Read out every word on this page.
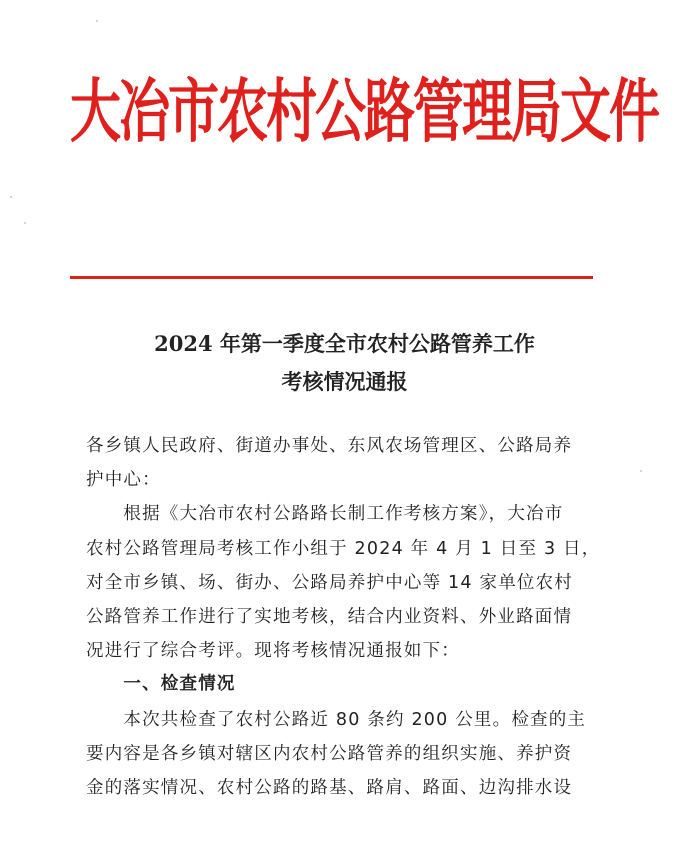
大冶市农村公路管理局文件
2024 年第一季度全市农村公路管养工作
考核情况通报
各乡镇人民政府、街道办事处、东风农场管理区、公路局养
护中心：
　　根据《大冶市农村公路路长制工作考核方案》，大冶市
农村公路管理局考核工作小组于 2024 年 4 月 1 日至 3 日，
对全市乡镇、场、街办、公路局养护中心等 14 家单位农村
公路管养工作进行了实地考核，结合内业资料、外业路面情
况进行了综合考评。现将考核情况通报如下：
　　一、检查情况
　　本次共检查了农村公路近 80 条约 200 公里。检查的主
要内容是各乡镇对辖区内农村公路管养的组织实施、养护资
金的落实情况、农村公路的路基、路肩、路面、边沟排水设
